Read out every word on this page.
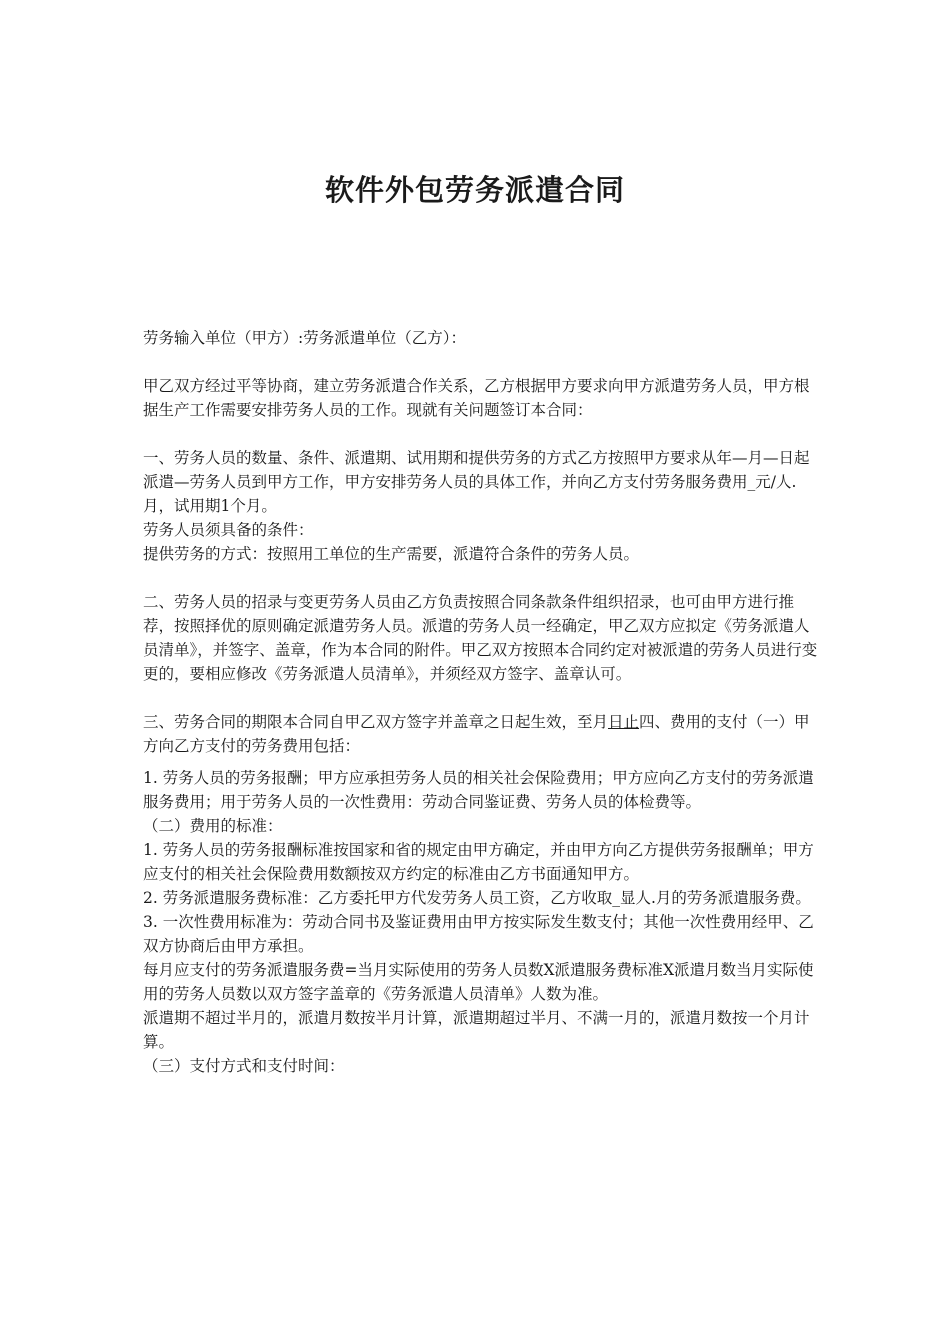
软件外包劳务派遣合同

劳务输入单位（甲方）:劳务派遣单位（乙方）：

甲乙双方经过平等协商，建立劳务派遣合作关系，乙方根据甲方要求向甲方派遣劳务人员，甲方根据生产工作需要安排劳务人员的工作。现就有关问题签订本合同：

一、劳务人员的数量、条件、派遣期、试用期和提供劳务的方式乙方按照甲方要求从年—月—日起派遣—劳务人员到甲方工作，甲方安排劳务人员的具体工作，并向乙方支付劳务服务费用_元/人.月，试用期1个月。

劳务人员须具备的条件：

提供劳务的方式：按照用工单位的生产需要，派遣符合条件的劳务人员。

二、劳务人员的招录与变更劳务人员由乙方负责按照合同条款条件组织招录，也可由甲方进行推荐，按照择优的原则确定派遣劳务人员。派遣的劳务人员一经确定，甲乙双方应拟定《劳务派遣人员清单》，并签字、盖章，作为本合同的附件。甲乙双方按照本合同约定对被派遣的劳务人员进行变更的，要相应修改《劳务派遣人员清单》，并须经双方签字、盖章认可。

三、劳务合同的期限本合同自甲乙双方签字并盖章之日起生效，至月日止四、费用的支付（一）甲方向乙方支付的劳务费用包括：

1. 劳务人员的劳务报酬；甲方应承担劳务人员的相关社会保险费用；甲方应向乙方支付的劳务派遣服务费用；用于劳务人员的一次性费用：劳动合同鉴证费、劳务人员的体检费等。

（二）费用的标准：

1. 劳务人员的劳务报酬标准按国家和省的规定由甲方确定，并由甲方向乙方提供劳务报酬单；甲方应支付的相关社会保险费用数额按双方约定的标准由乙方书面通知甲方。

2. 劳务派遣服务费标准：乙方委托甲方代发劳务人员工资，乙方收取_显人.月的劳务派遣服务费。

3. 一次性费用标准为：劳动合同书及鉴证费用由甲方按实际发生数支付；其他一次性费用经甲、乙双方协商后由甲方承担。

每月应支付的劳务派遣服务费=当月实际使用的劳务人员数X派遣服务费标准X派遣月数当月实际使用的劳务人员数以双方签字盖章的《劳务派遣人员清单》人数为准。

派遣期不超过半月的，派遣月数按半月计算，派遣期超过半月、不满一月的，派遣月数按一个月计算。

（三）支付方式和支付时间：
